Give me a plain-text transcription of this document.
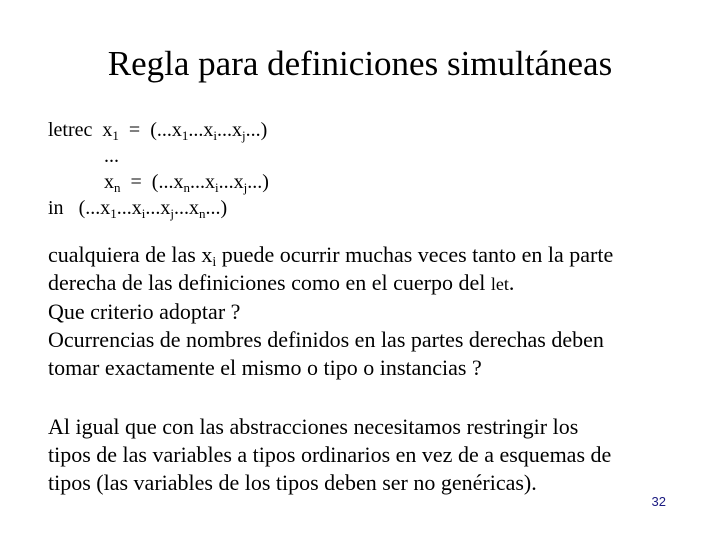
Regla para definiciones simultáneas
letrec $x_1 = (...x_1...x_i...x_j...)$
...
$x_n = (...x_n...x_i...x_j...)$
in $(...x_1...x_i...x_j...x_n...)$
cualquiera de las $x_i$ puede ocurrir muchas veces tanto en la parte
derecha de las definiciones como en el cuerpo del let.
Que criterio adoptar ?
Ocurrencias de nombres definidos en las partes derechas deben
tomar exactamente el mismo o tipo o instancias ?
Al igual que con las abstracciones necesitamos restringir los
tipos de las variables a tipos ordinarios en vez de a esquemas de
tipos (las variables de los tipos deben ser no genéricas).
32
